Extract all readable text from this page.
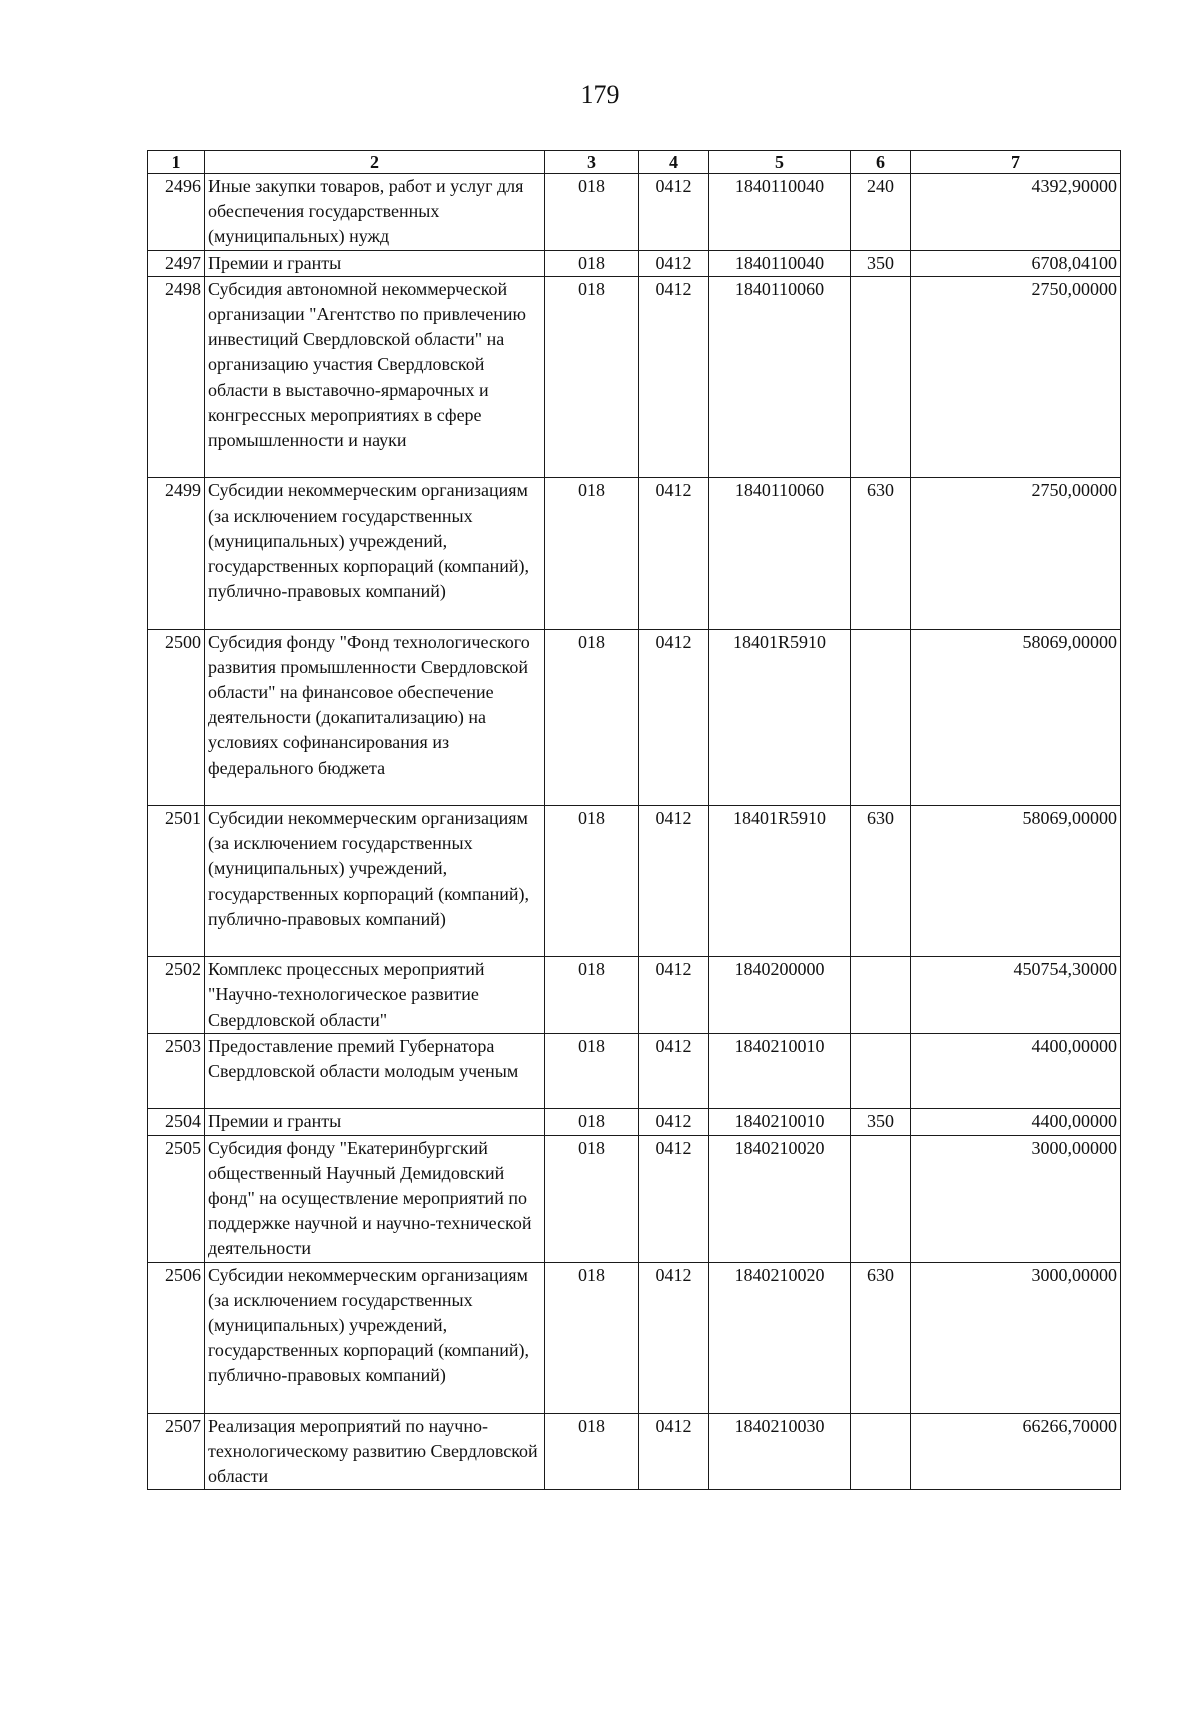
179
1	2	3	4	5	6	7
2496	Иные закупки товаров, работ и услуг для обеспечения государственных (муниципальных) нужд	018	0412	1840110040	240	4392,90000
2497	Премии и гранты	018	0412	1840110040	350	6708,04100
2498	Субсидия автономной некоммерческой организации "Агентство по привлечению инвестиций Свердловской области" на организацию участия Свердловской области в выставочно-ярмарочных и конгрессных мероприятиях в сфере промышленности и науки	018	0412	1840110060		2750,00000
2499	Субсидии некоммерческим организациям (за исключением государственных (муниципальных) учреждений, государственных корпораций (компаний), публично-правовых компаний)	018	0412	1840110060	630	2750,00000
2500	Субсидия фонду "Фонд технологического развития промышленности Свердловской области" на финансовое обеспечение деятельности (докапитализацию) на условиях софинансирования из федерального бюджета	018	0412	18401R5910		58069,00000
2501	Субсидии некоммерческим организациям (за исключением государственных (муниципальных) учреждений, государственных корпораций (компаний), публично-правовых компаний)	018	0412	18401R5910	630	58069,00000
2502	Комплекс процессных мероприятий "Научно-технологическое развитие Свердловской области"	018	0412	1840200000		450754,30000
2503	Предоставление премий Губернатора Свердловской области молодым ученым	018	0412	1840210010		4400,00000
2504	Премии и гранты	018	0412	1840210010	350	4400,00000
2505	Субсидия фонду "Екатеринбургский общественный Научный Демидовский фонд" на осуществление мероприятий по поддержке научной и научно-технической деятельности	018	0412	1840210020		3000,00000
2506	Субсидии некоммерческим организациям (за исключением государственных (муниципальных) учреждений, государственных корпораций (компаний), публично-правовых компаний)	018	0412	1840210020	630	3000,00000
2507	Реализация мероприятий по научно-технологическому развитию Свердловской области	018	0412	1840210030		66266,70000
